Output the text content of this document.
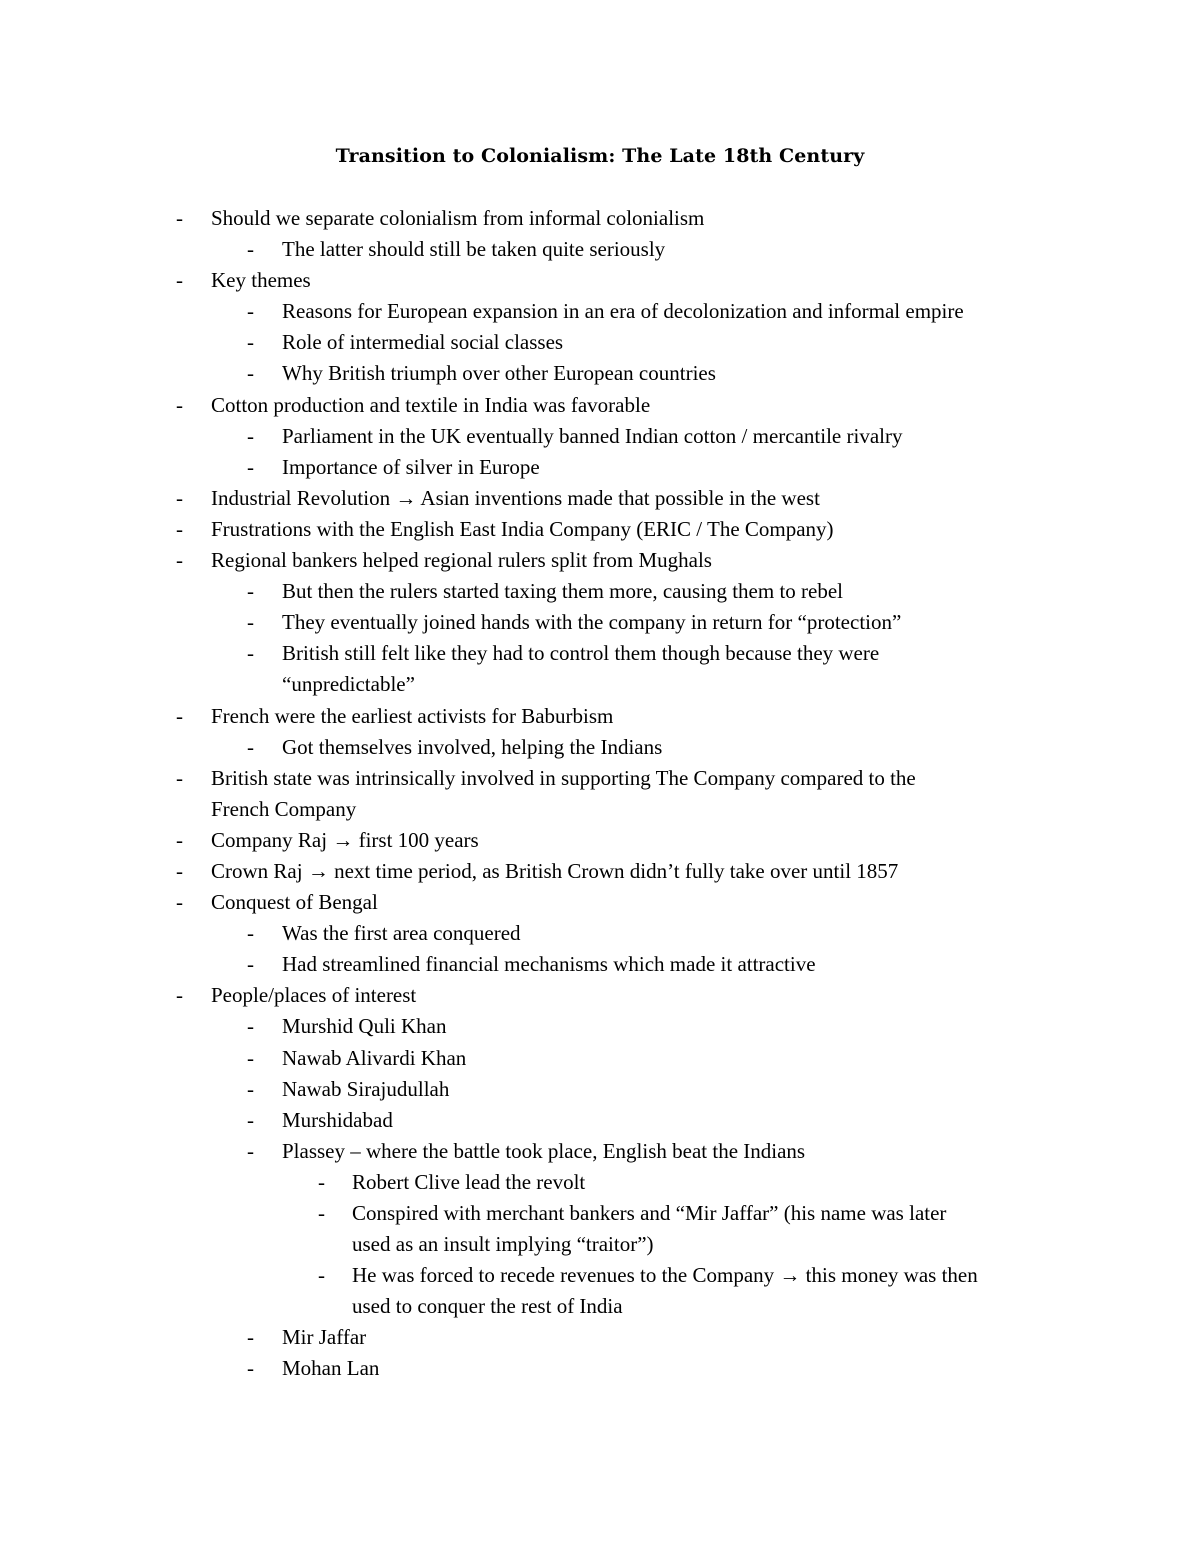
Transition to Colonialism: The Late 18th Century
- Should we separate colonialism from informal colonialism
- The latter should still be taken quite seriously
- Key themes
- Reasons for European expansion in an era of decolonization and informal empire
- Role of intermedial social classes
- Why British triumph over other European countries
- Cotton production and textile in India was favorable
- Parliament in the UK eventually banned Indian cotton / mercantile rivalry
- Importance of silver in Europe
- Industrial Revolution → Asian inventions made that possible in the west
- Frustrations with the English East India Company (ERIC / The Company)
- Regional bankers helped regional rulers split from Mughals
- But then the rulers started taxing them more, causing them to rebel
- They eventually joined hands with the company in return for “protection”
- British still felt like they had to control them though because they were
“unpredictable”
- French were the earliest activists for Baburbism
- Got themselves involved, helping the Indians
- British state was intrinsically involved in supporting The Company compared to the
French Company
- Company Raj → first 100 years
- Crown Raj → next time period, as British Crown didn’t fully take over until 1857
- Conquest of Bengal
- Was the first area conquered
- Had streamlined financial mechanisms which made it attractive
- People/places of interest
- Murshid Quli Khan
- Nawab Alivardi Khan
- Nawab Sirajudullah
- Murshidabad
- Plassey – where the battle took place, English beat the Indians
- Robert Clive lead the revolt
- Conspired with merchant bankers and “Mir Jaffar” (his name was later
used as an insult implying “traitor”)
- He was forced to recede revenues to the Company → this money was then
used to conquer the rest of India
- Mir Jaffar
- Mohan Lan
